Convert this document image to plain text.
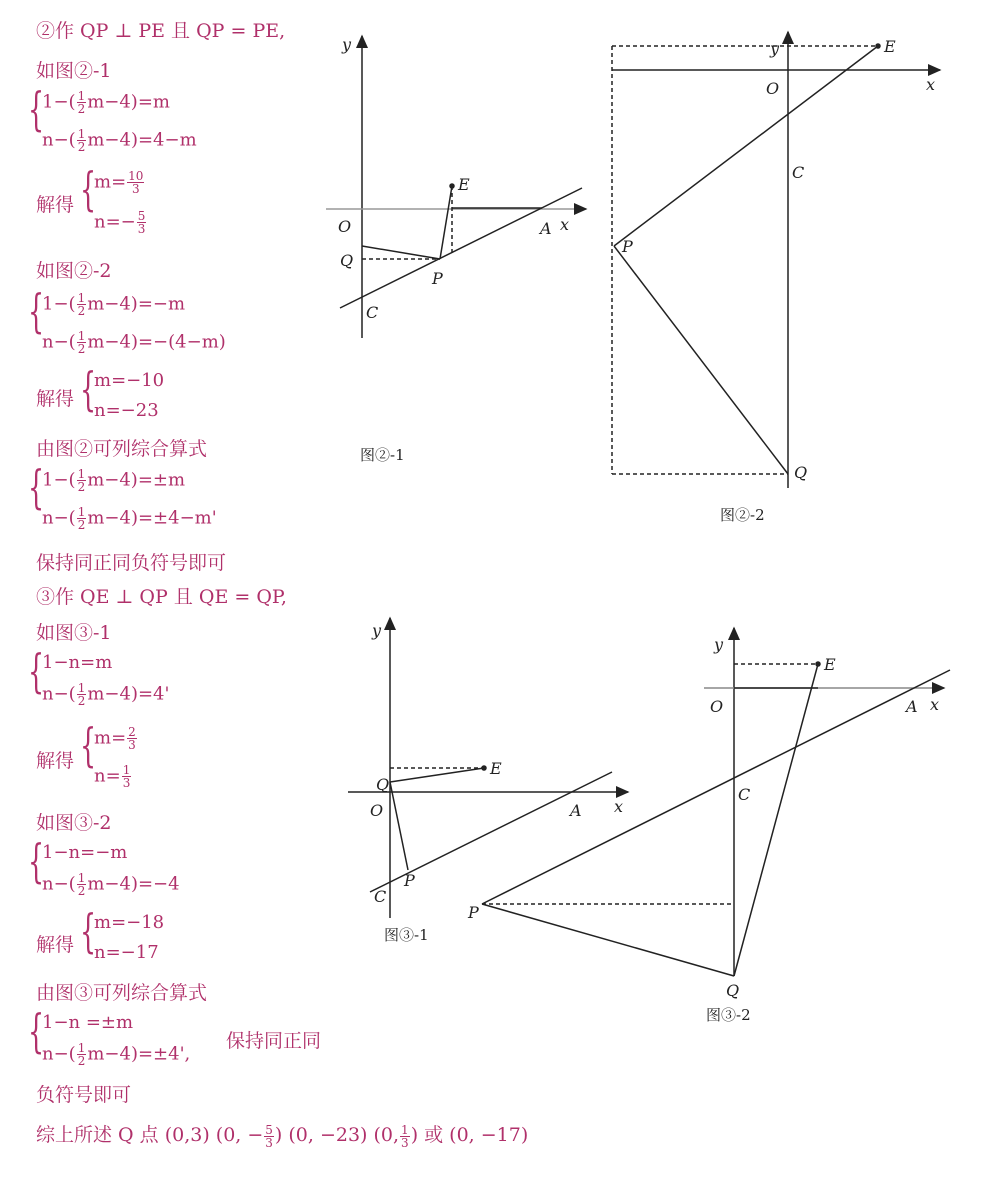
②作 QP ⊥ PE 且 QP = PE,
如图②-1
{
$1-( \frac{1}{2} m-4)=m$
$n-( \frac{1}{2} m-4)=4-m$
解得 {
$m= \frac{10}{3}$
$n=- \frac{5}{3}$
如图②-2
{
$1-( \frac{1}{2} m-4)=-m$
$n-( \frac{1}{2} m-4)=-(4-m)$
解得 {
m=−10
n=−23
由图②可列综合算式
{
$1-( \frac{1}{2} m-4)=\pm m$
$n-( \frac{1}{2} m-4)=\pm 4-m'$
保持同正同负符号即可
③作 QE ⊥ QP 且 QE = QP,
如图③-1
{
1−n=m
$n-( \frac{1}{2} m-4)=4'$
解得 {
$m= \frac{2}{3}$
$n= \frac{1}{3}$
如图③-2
{
1−n=−m
$n-( \frac{1}{2} m-4)=-4$
解得 {
m=−18
n=−17
由图③可列综合算式
{
1−n =±m
$n-( \frac{1}{2} m-4)=\pm 4'$,
保持同正同
负符号即可
综上所述 Q 点 (0,3) (0, − $\frac{5}{3}$ ) (0, −23) (0, $\frac{1}{3}$ ) 或 (0, −17)
y
x
O	A
Q
P
E
C
图②-1
y
x
O
E
C
P
Q
图②-2
y
x
O
Q
E
A
P
C
图③-1
y
x
O
E
A
C
P
Q
图③-2
